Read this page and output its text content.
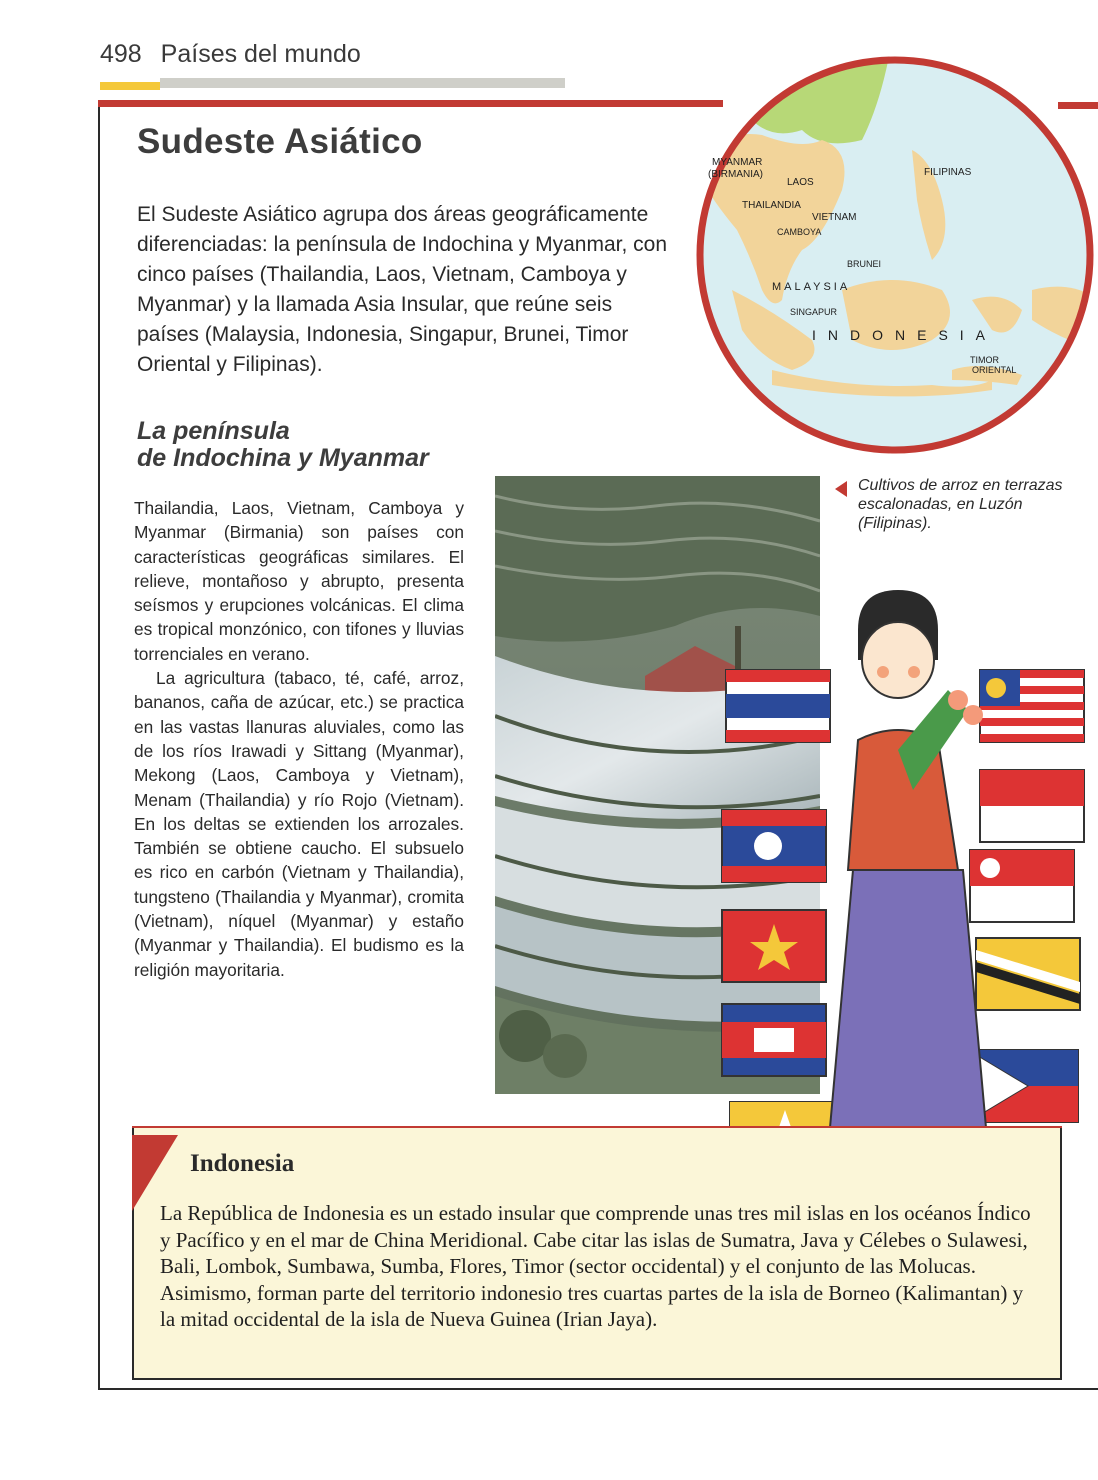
498 Países del mundo
Sudeste Asiático

El Sudeste Asiático agrupa dos áreas geográficamente diferenciadas: la península de Indochina y Myanmar, con cinco países (Thailandia, Laos, Vietnam, Camboya y Myanmar) y la llamada Asia Insular, que reúne seis países (Malaysia, Indonesia, Singapur, Brunei, Timor Oriental y Filipinas).

La península
de Indochina y Myanmar

Thailandia, Laos, Vietnam, Camboya y Myanmar (Birmania) son países con características geográficas similares. El relieve, montañoso y abrupto, presenta seísmos y erupciones volcánicas. El clima es tropical monzónico, con tifones y lluvias torrenciales en verano.

La agricultura (tabaco, té, café, arroz, bananos, caña de azúcar, etc.) se practica en las vastas llanuras aluviales, como las de los ríos Irawadi y Sittang (Myanmar), Mekong (Laos, Camboya y Vietnam), Menam (Thailandia) y río Rojo (Vietnam). En los deltas se extienden los arrozales. También se obtiene caucho. El subsuelo es rico en carbón (Vietnam y Thailandia), tungsteno (Thailandia y Myanmar), cromita (Vietnam), níquel (Myanmar) y estaño (Myanmar y Thailandia). El budismo es la religión mayoritaria.

Cultivos de arroz en terrazas escalonadas, en Luzón (Filipinas).

MYANMAR
(BIRMANIA)
THAILANDIA
CAMBOYA
LAOS
VIETNAM
FILIPINAS
BRUNEI
MALAYSIA
SINGAPUR
INDONESIA
TIMOR
ORIENTAL
Indonesia

La República de Indonesia es un estado insular que comprende unas tres mil islas en los océanos Índico y Pacífico y en el mar de China Meridional. Cabe citar las islas de Sumatra, Java y Célebes o Sulawesi, Bali, Lombok, Sumbawa, Sumba, Flores, Timor (sector occidental) y el conjunto de las Molucas. Asimismo, forman parte del territorio indonesio tres cuartas partes de la isla de Borneo (Kalimantan) y la mitad occidental de la isla de Nueva Guinea (Irian Jaya).
